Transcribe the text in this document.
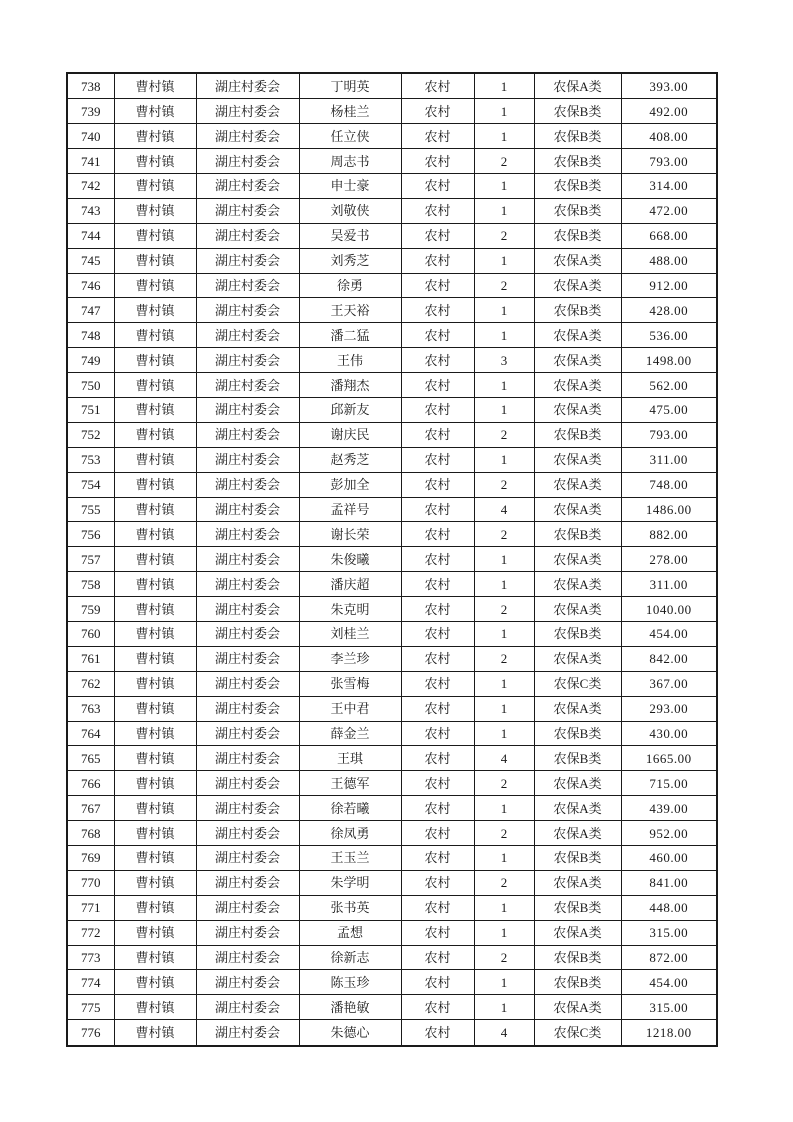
738	曹村镇	湖庄村委会	丁明英	农村	1	农保A类	393.00
739	曹村镇	湖庄村委会	杨桂兰	农村	1	农保B类	492.00
740	曹村镇	湖庄村委会	任立侠	农村	1	农保B类	408.00
741	曹村镇	湖庄村委会	周志书	农村	2	农保B类	793.00
742	曹村镇	湖庄村委会	申士豪	农村	1	农保B类	314.00
743	曹村镇	湖庄村委会	刘敬侠	农村	1	农保B类	472.00
744	曹村镇	湖庄村委会	吴爱书	农村	2	农保B类	668.00
745	曹村镇	湖庄村委会	刘秀芝	农村	1	农保A类	488.00
746	曹村镇	湖庄村委会	徐勇	农村	2	农保A类	912.00
747	曹村镇	湖庄村委会	王天裕	农村	1	农保B类	428.00
748	曹村镇	湖庄村委会	潘二猛	农村	1	农保A类	536.00
749	曹村镇	湖庄村委会	王伟	农村	3	农保A类	1498.00
750	曹村镇	湖庄村委会	潘翔杰	农村	1	农保A类	562.00
751	曹村镇	湖庄村委会	邱新友	农村	1	农保A类	475.00
752	曹村镇	湖庄村委会	谢庆民	农村	2	农保B类	793.00
753	曹村镇	湖庄村委会	赵秀芝	农村	1	农保A类	311.00
754	曹村镇	湖庄村委会	彭加全	农村	2	农保A类	748.00
755	曹村镇	湖庄村委会	孟祥号	农村	4	农保A类	1486.00
756	曹村镇	湖庄村委会	谢长荣	农村	2	农保B类	882.00
757	曹村镇	湖庄村委会	朱俊曦	农村	1	农保A类	278.00
758	曹村镇	湖庄村委会	潘庆超	农村	1	农保A类	311.00
759	曹村镇	湖庄村委会	朱克明	农村	2	农保A类	1040.00
760	曹村镇	湖庄村委会	刘桂兰	农村	1	农保B类	454.00
761	曹村镇	湖庄村委会	李兰珍	农村	2	农保A类	842.00
762	曹村镇	湖庄村委会	张雪梅	农村	1	农保C类	367.00
763	曹村镇	湖庄村委会	王中君	农村	1	农保A类	293.00
764	曹村镇	湖庄村委会	薛金兰	农村	1	农保B类	430.00
765	曹村镇	湖庄村委会	王琪	农村	4	农保B类	1665.00
766	曹村镇	湖庄村委会	王德军	农村	2	农保A类	715.00
767	曹村镇	湖庄村委会	徐若曦	农村	1	农保A类	439.00
768	曹村镇	湖庄村委会	徐凤勇	农村	2	农保A类	952.00
769	曹村镇	湖庄村委会	王玉兰	农村	1	农保B类	460.00
770	曹村镇	湖庄村委会	朱学明	农村	2	农保A类	841.00
771	曹村镇	湖庄村委会	张书英	农村	1	农保B类	448.00
772	曹村镇	湖庄村委会	孟想	农村	1	农保A类	315.00
773	曹村镇	湖庄村委会	徐新志	农村	2	农保B类	872.00
774	曹村镇	湖庄村委会	陈玉珍	农村	1	农保B类	454.00
775	曹村镇	湖庄村委会	潘艳敏	农村	1	农保A类	315.00
776	曹村镇	湖庄村委会	朱德心	农村	4	农保C类	1218.00
